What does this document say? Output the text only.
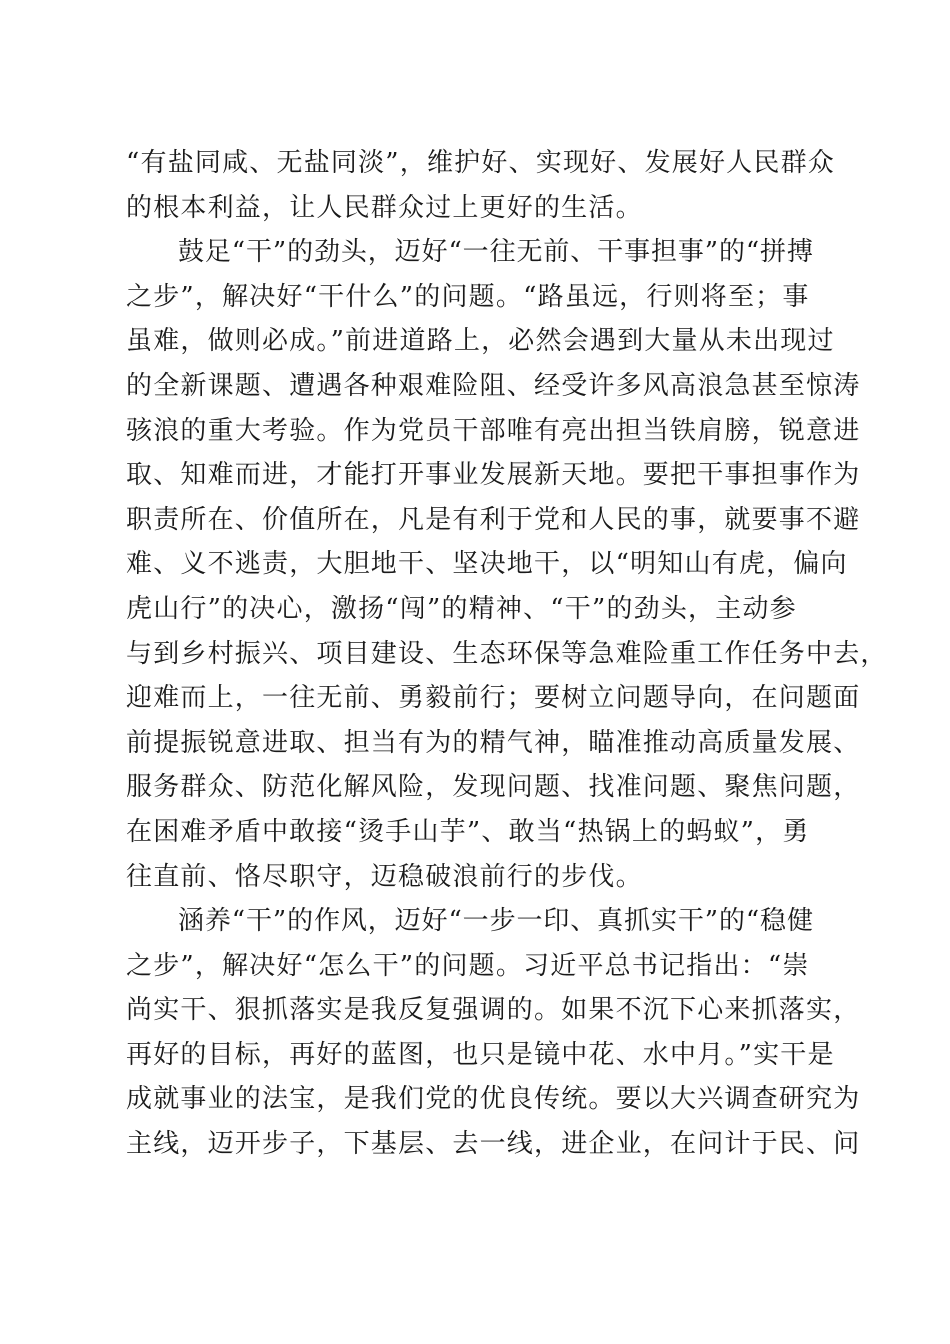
“有盐同咸、无盐同淡”，维护好、实现好、发展好人民群众
的根本利益，让人民群众过上更好的生活。
鼓足“干”的劲头，迈好“一往无前、干事担事”的“拼搏
之步”，解决好“干什么”的问题。“路虽远，行则将至；事
虽难，做则必成。”前进道路上，必然会遇到大量从未出现过
的全新课题、遭遇各种艰难险阻、经受许多风高浪急甚至惊涛
骇浪的重大考验。作为党员干部唯有亮出担当铁肩膀，锐意进
取、知难而进，才能打开事业发展新天地。要把干事担事作为
职责所在、价值所在，凡是有利于党和人民的事，就要事不避
难、义不逃责，大胆地干、坚决地干，以“明知山有虎，偏向
虎山行”的决心，激扬“闯”的精神、“干”的劲头，主动参
与到乡村振兴、项目建设、生态环保等急难险重工作任务中去，
迎难而上，一往无前、勇毅前行；要树立问题导向，在问题面
前提振锐意进取、担当有为的精气神，瞄准推动高质量发展、
服务群众、防范化解风险，发现问题、找准问题、聚焦问题，
在困难矛盾中敢接“烫手山芋”、敢当“热锅上的蚂蚁”，勇
往直前、恪尽职守，迈稳破浪前行的步伐。
涵养“干”的作风，迈好“一步一印、真抓实干”的“稳健
之步”，解决好“怎么干”的问题。习近平总书记指出：“崇
尚实干、狠抓落实是我反复强调的。如果不沉下心来抓落实，
再好的目标，再好的蓝图，也只是镜中花、水中月。”实干是
成就事业的法宝，是我们党的优良传统。要以大兴调查研究为
主线，迈开步子，下基层、去一线，进企业，在问计于民、问
